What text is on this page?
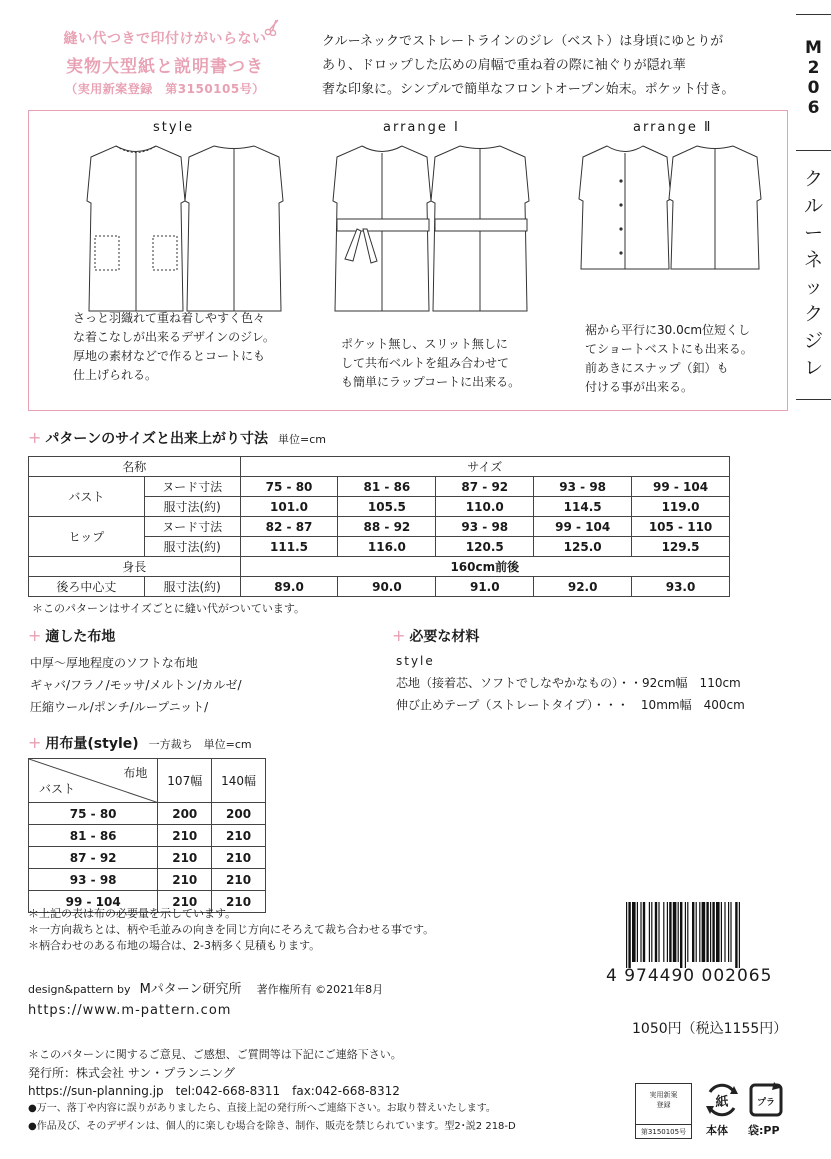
縫い代つきで印付けがいらない
実物大型紙と説明書つき
（実用新案登録　第3150105号）

クルーネックでストレートラインのジレ（ベスト）は身頃にゆとりが

あり、ドロップした広めの肩幅で重ね着の際に袖ぐりが隠れ華

奢な印象に。シンプルで簡単なフロントオープン始末。ポケット付き。

M
2
0
6
ク
ル
ー
ネ
ッ
ク
ジ
レ
style	arrange Ⅰ	arrange Ⅱ

さっと羽織れて重ね着しやすく色々

な着こなしが出来るデザインのジレ。

厚地の素材などで作るとコートにも

仕上げられる。

ポケット無し、スリット無しに

して共布ベルトを組み合わせて

も簡単にラップコートに出来る。

裾から平行に30.0cm位短くし

てショートベストにも出来る。

前あきにスナップ（釦）も

付ける事が出来る。

+ パターンのサイズと出来上がり寸法 単位=cm
名称		サイズ				
バスト	ヌード寸法	75 - 80	81 - 86	87 - 92	93 - 98	99 - 104
	服寸法(約)	101.0	105.5	110.0	114.5	119.0
ヒップ	ヌード寸法	82 - 87	88 - 92	93 - 98	99 - 104	105 - 110
	服寸法(約)	111.5	116.0	120.5	125.0	129.5
身長		160cm前後				
後ろ中心丈	服寸法(約)	89.0	90.0	91.0	92.0	93.0
＊このパターンはサイズごとに縫い代がついています。
+ 適した布地
中厚～厚地程度のソフトな布地
ギャバ/フラノ/モッサ/メルトン/カルゼ/
圧縮ウール/ポンチ/ループニット/
+ 必要な材料
style
芯地（接着芯、ソフトでしなやかなもの）・・92cm幅　110cm
伸び止めテープ（ストレートタイプ）・・・　10mm幅　400cm
+ 用布量(style) 一方裁ち　単位=cm
布地
バスト	107幅	140幅
75 - 80	200	200
81 - 86	210	210
87 - 92	210	210
93 - 98	210	210
99 - 104	210	210
＊上記の表は布の必要量を示しています。
＊一方向裁ちとは、柄や毛並みの向きを同じ方向にそろえて裁ち合わせる事です。
＊柄合わせのある布地の場合は、2-3柄多く見積もります。
4 974490 002065
design&pattern by Mパターン研究所 著作権所有 ©2021年8月
https://www.m-pattern.com
1050円（税込1155円）
＊このパターンに関するご意見、ご感想、ご質問等は下記にご連絡下さい。
発行所：株式会社 サン・プランニング
https://sun-planning.jp　tel:042-668-8311　fax:042-668-8312
●万一、落丁や内容に誤りがありましたら、直接上記の発行所へご連絡下さい。お取り替えいたします。
●作品及び、そのデザインは、個人的に楽しむ場合を除き、制作、販売を禁じられています。型2･説2 218-D
実用新案
登録
第3150105号
紙	プラ
本体 袋:PP
